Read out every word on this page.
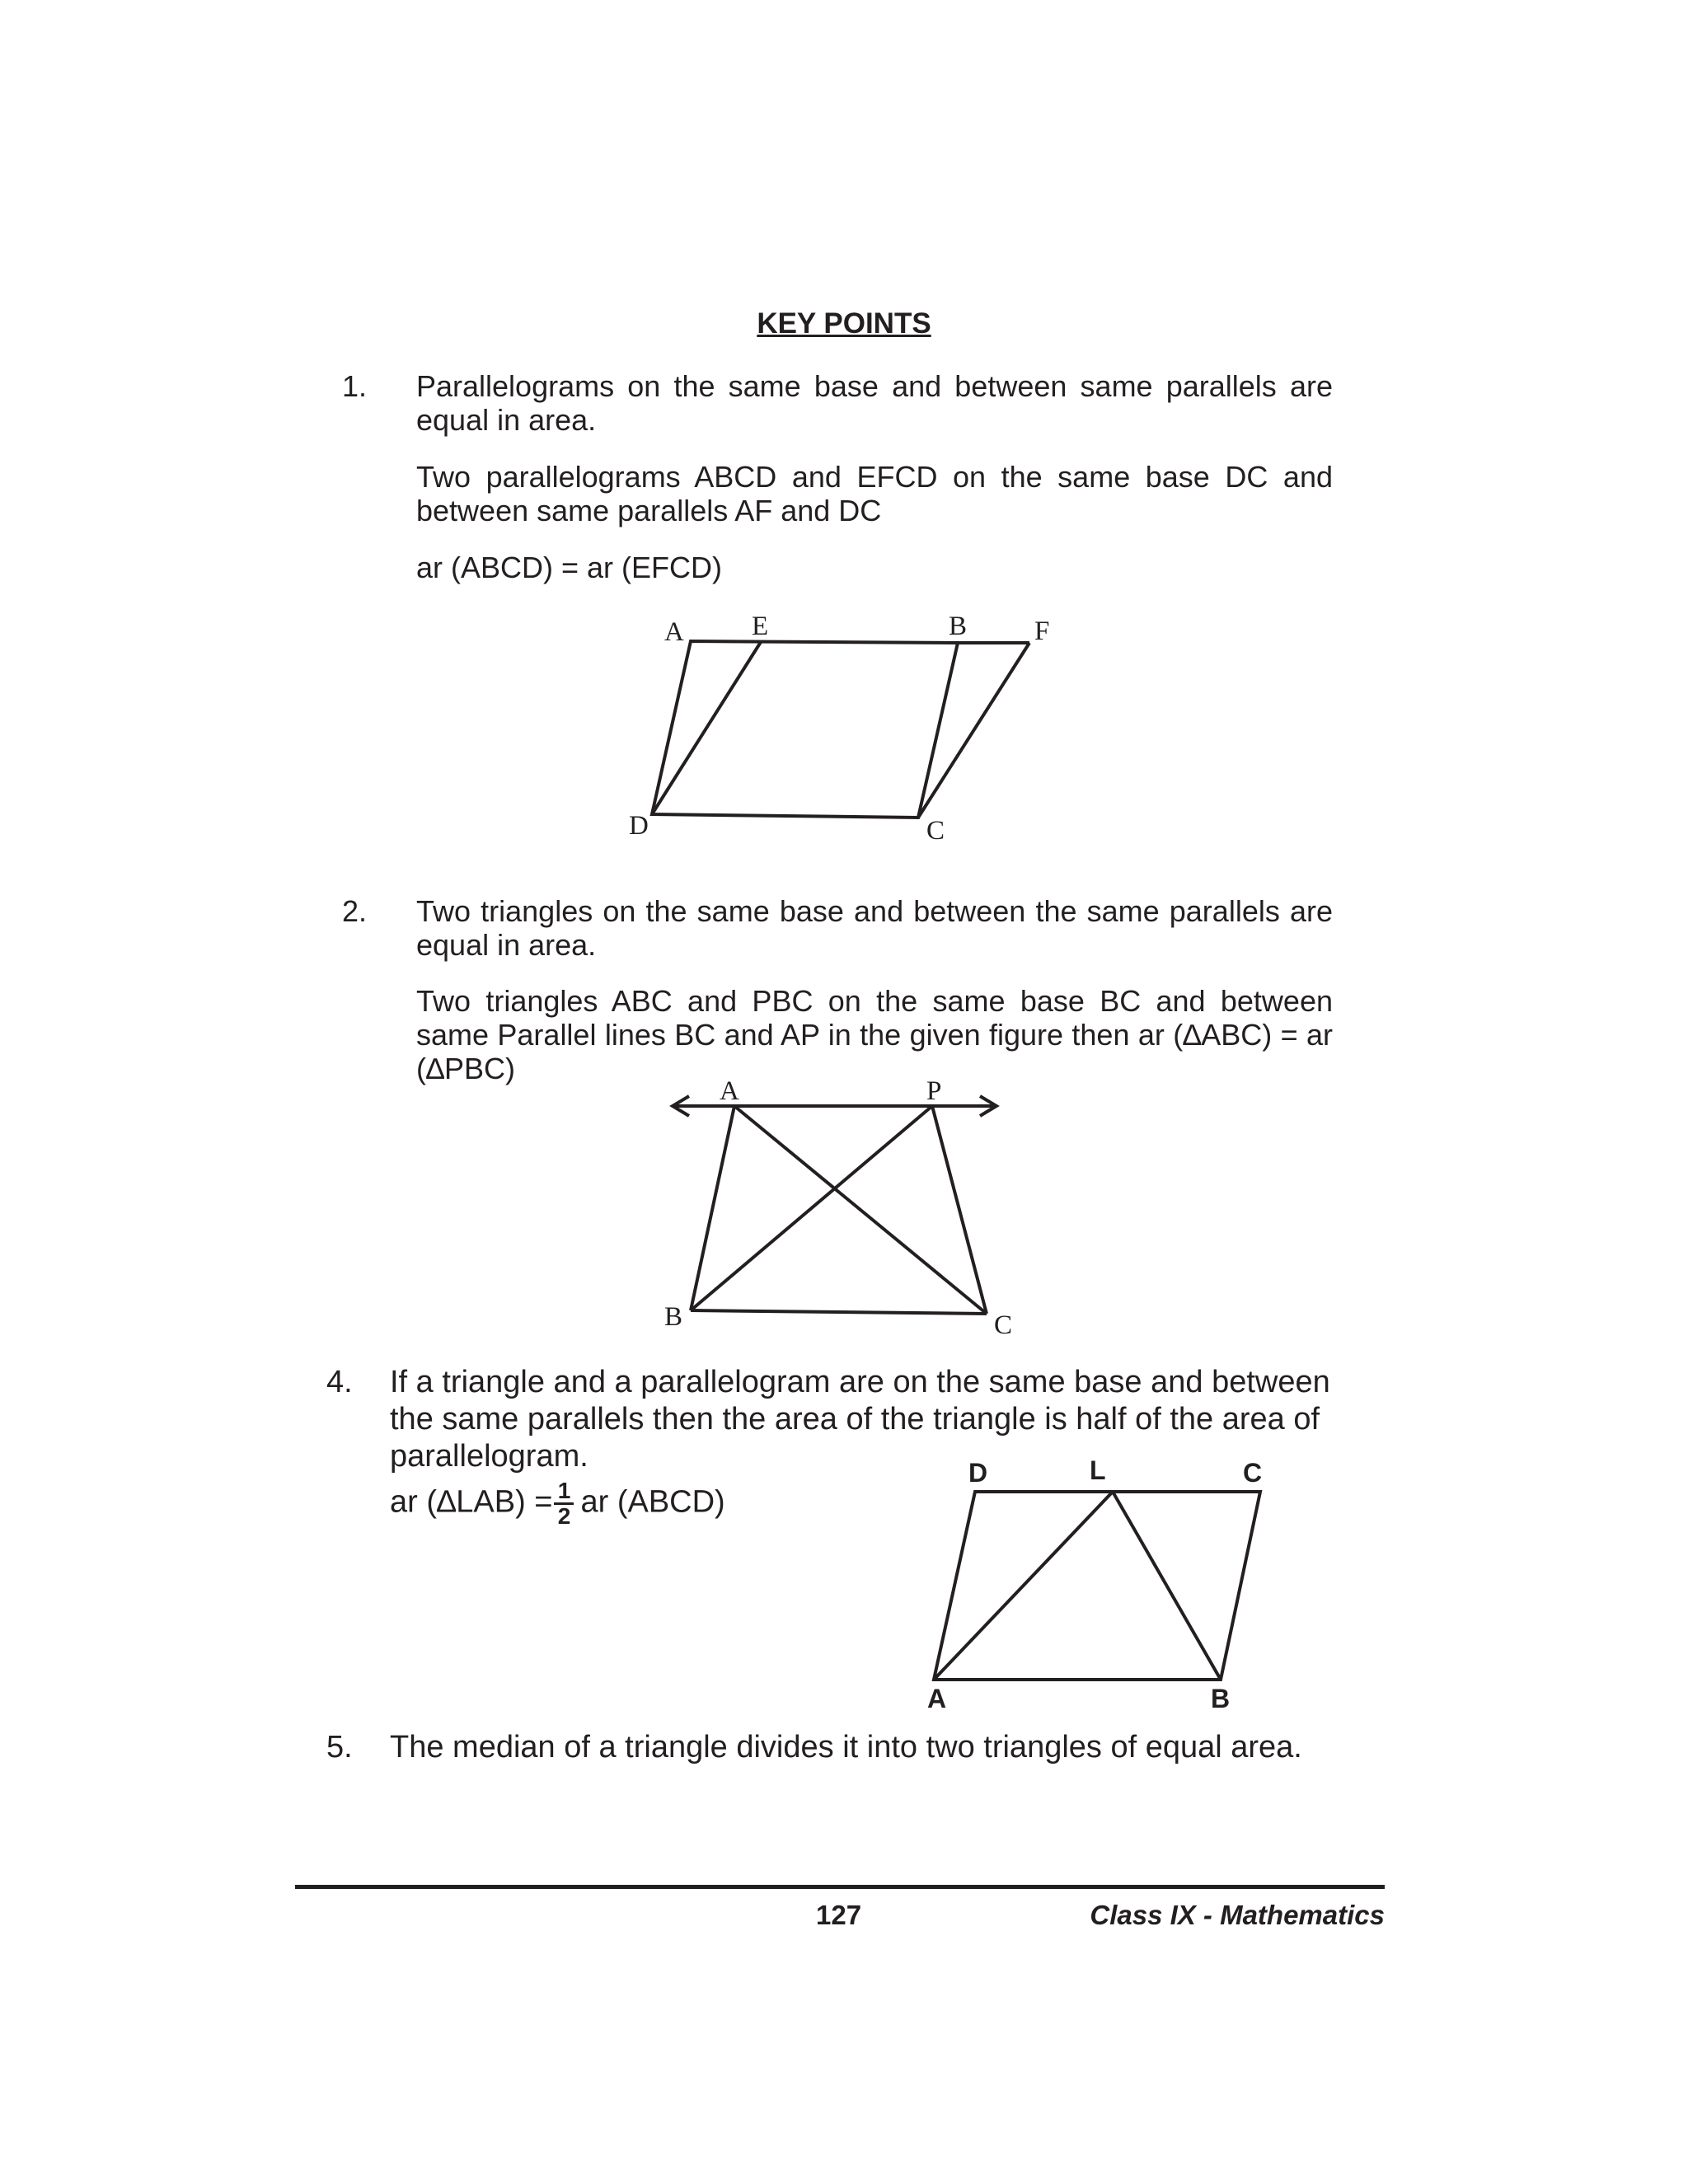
KEY POINTS
1. Parallelograms on the same base and between same parallels are equal in area.
Two parallelograms ABCD and EFCD on the same base DC and between same parallels AF and DC
ar (ABCD) = ar (EFCD)
A E	B F
D	C
2. Two triangles on the same base and between the same parallels are equal in area.
Two triangles ABC and PBC on the same base BC and between same Parallel lines BC and AP in the given figure then ar (∆ABC) = ar (∆PBC)
A	P
B	C
4. If a triangle and a parallelogram are on the same base and between the same parallels then the area of the triangle is half of the area of parallelogram.
ar $(\Delta LAB) =\frac{1}{2}$ ar (ABCD)
D	L	C
A	B
5. The median of a triangle divides it into two triangles of equal area.
127	Class IX - Mathematics
